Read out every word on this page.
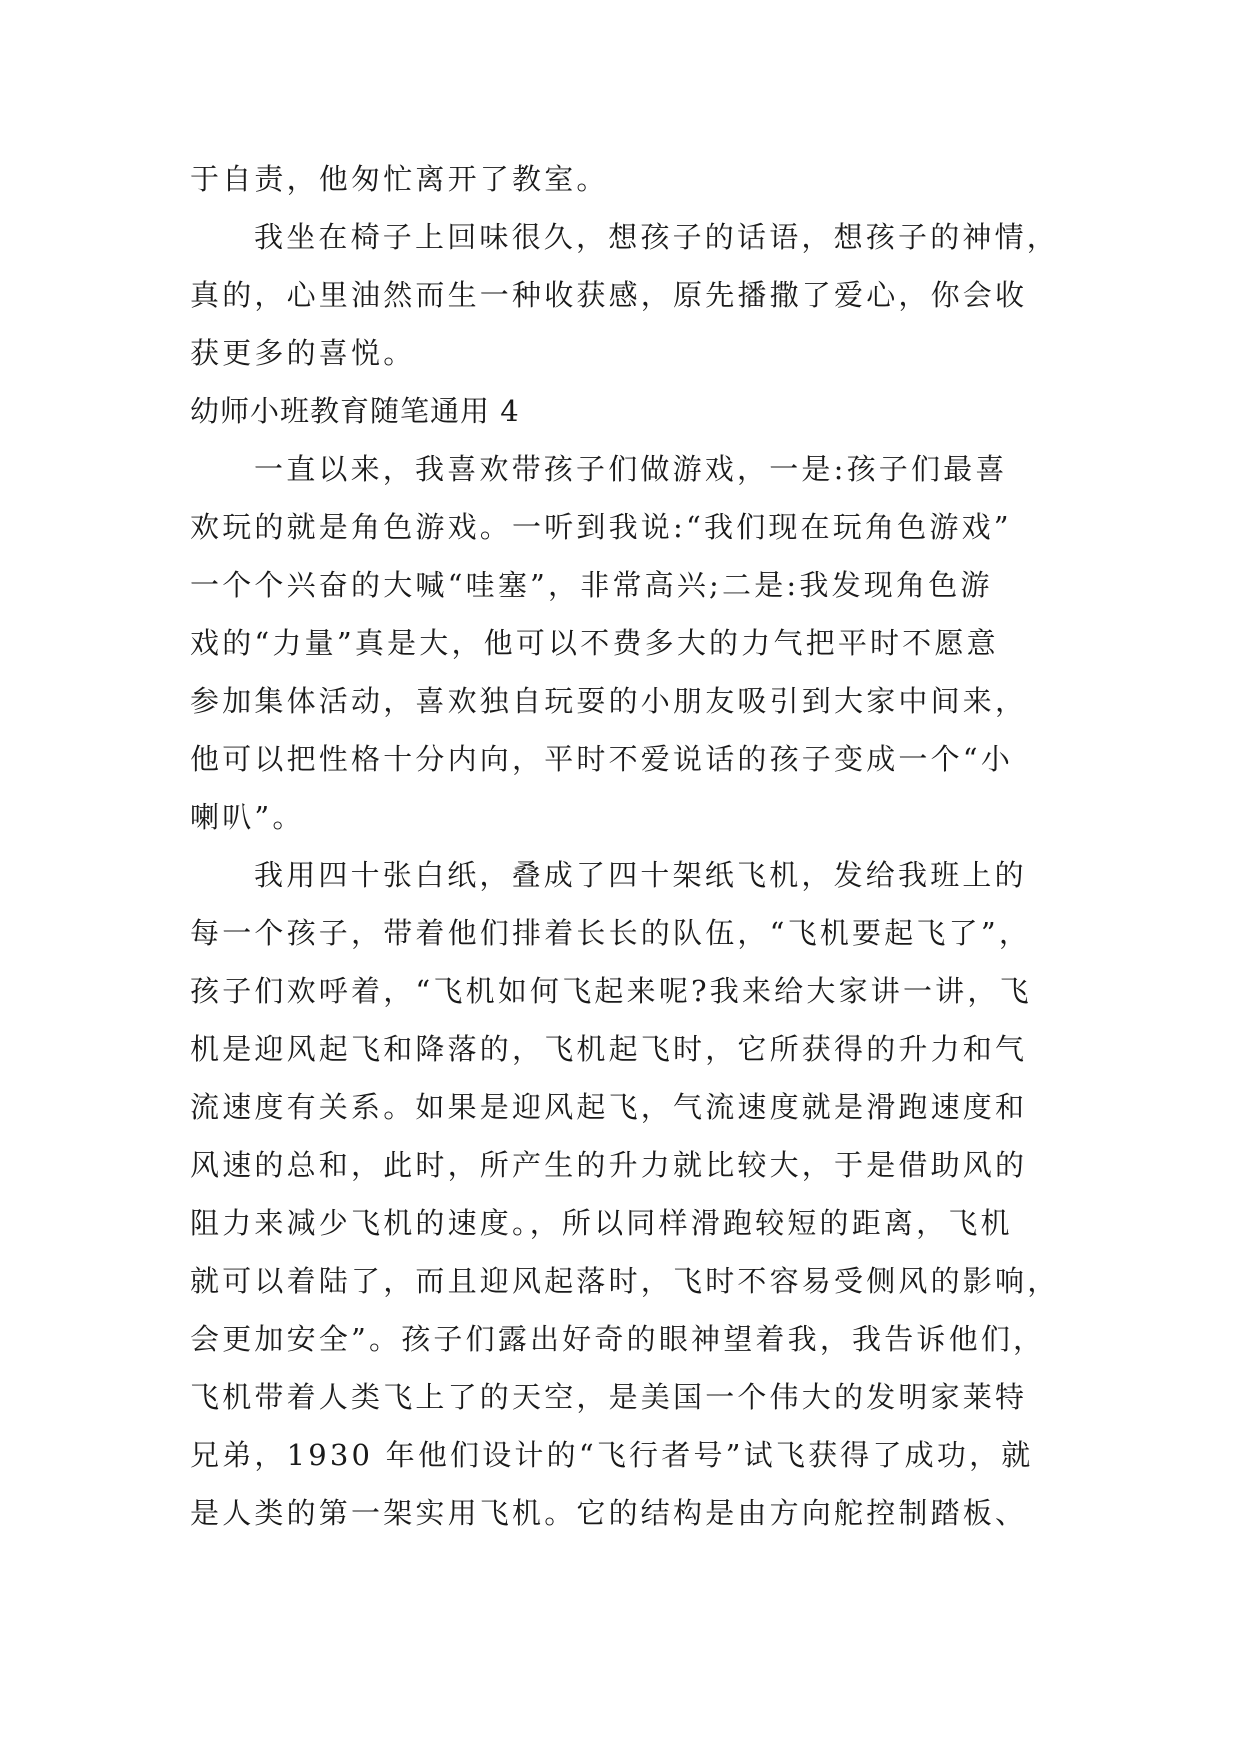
于自责，他匆忙离开了教室。
我坐在椅子上回味很久，想孩子的话语，想孩子的神情，
真的，心里油然而生一种收获感，原先播撒了爱心，你会收
获更多的喜悦。
幼师小班教育随笔通用 4
一直以来，我喜欢带孩子们做游戏，一是:孩子们最喜
欢玩的就是角色游戏。一听到我说:“我们现在玩角色游戏”
一个个兴奋的大喊“哇塞”，非常高兴;二是:我发现角色游
戏的“力量”真是大，他可以不费多大的力气把平时不愿意
参加集体活动，喜欢独自玩耍的小朋友吸引到大家中间来，
他可以把性格十分内向，平时不爱说话的孩子变成一个“小
喇叭”。
我用四十张白纸，叠成了四十架纸飞机，发给我班上的
每一个孩子，带着他们排着长长的队伍，“飞机要起飞了”，
孩子们欢呼着，“飞机如何飞起来呢?我来给大家讲一讲，飞
机是迎风起飞和降落的，飞机起飞时，它所获得的升力和气
流速度有关系。如果是迎风起飞，气流速度就是滑跑速度和
风速的总和，此时，所产生的升力就比较大，于是借助风的
阻力来减少飞机的速度。，所以同样滑跑较短的距离，飞机
就可以着陆了，而且迎风起落时，飞时不容易受侧风的影响，
会更加安全”。孩子们露出好奇的眼神望着我，我告诉他们，
飞机带着人类飞上了的天空，是美国一个伟大的发明家莱特
兄弟，1930 年他们设计的“飞行者号”试飞获得了成功，就
是人类的第一架实用飞机。它的结构是由方向舵控制踏板、
